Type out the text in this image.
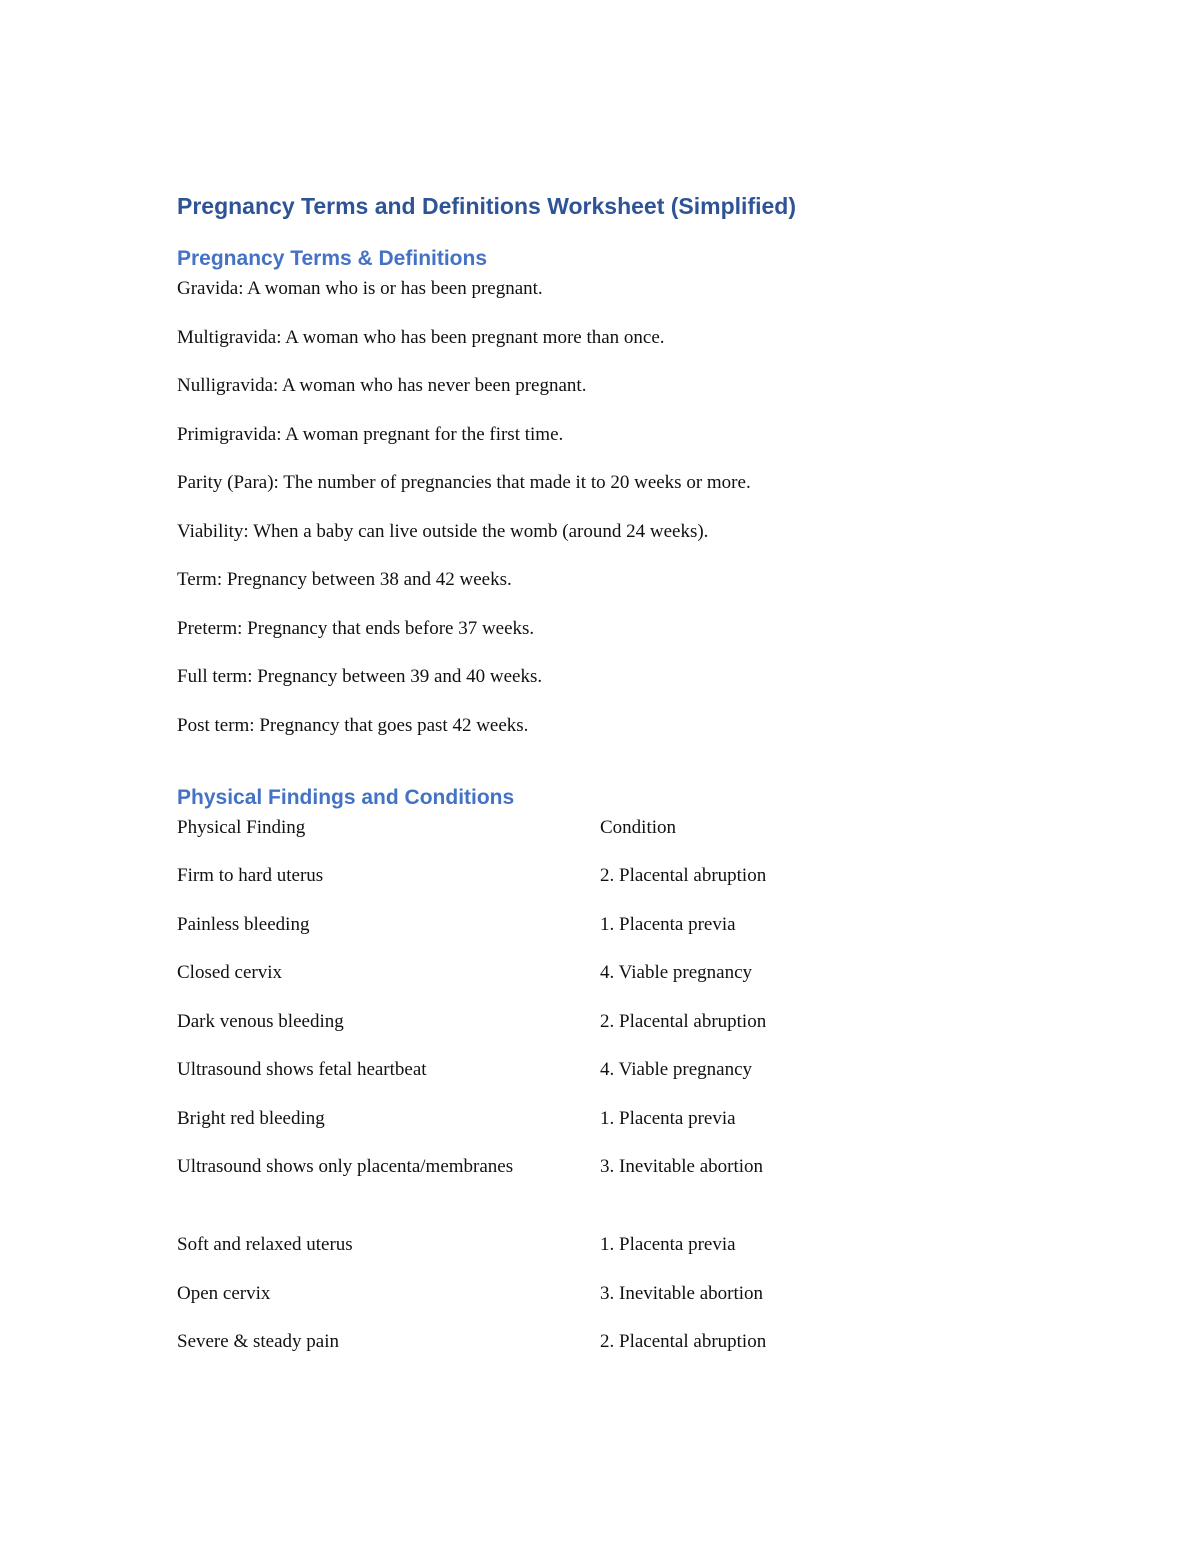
Pregnancy Terms and Definitions Worksheet (Simplified)
Pregnancy Terms & Definitions
Gravida: A woman who is or has been pregnant.
Multigravida: A woman who has been pregnant more than once.
Nulligravida: A woman who has never been pregnant.
Primigravida: A woman pregnant for the first time.
Parity (Para): The number of pregnancies that made it to 20 weeks or more.
Viability: When a baby can live outside the womb (around 24 weeks).
Term: Pregnancy between 38 and 42 weeks.
Preterm: Pregnancy that ends before 37 weeks.
Full term: Pregnancy between 39 and 40 weeks.
Post term: Pregnancy that goes past 42 weeks.
Physical Findings and Conditions
Physical Finding	Condition
Firm to hard uterus	2. Placental abruption
Painless bleeding	1. Placenta previa
Closed cervix	4. Viable pregnancy
Dark venous bleeding	2. Placental abruption
Ultrasound shows fetal heartbeat	4. Viable pregnancy
Bright red bleeding	1. Placenta previa
Ultrasound shows only placenta/membranes	3. Inevitable abortion
Soft and relaxed uterus	1. Placenta previa
Open cervix	3. Inevitable abortion
Severe & steady pain	2. Placental abruption
